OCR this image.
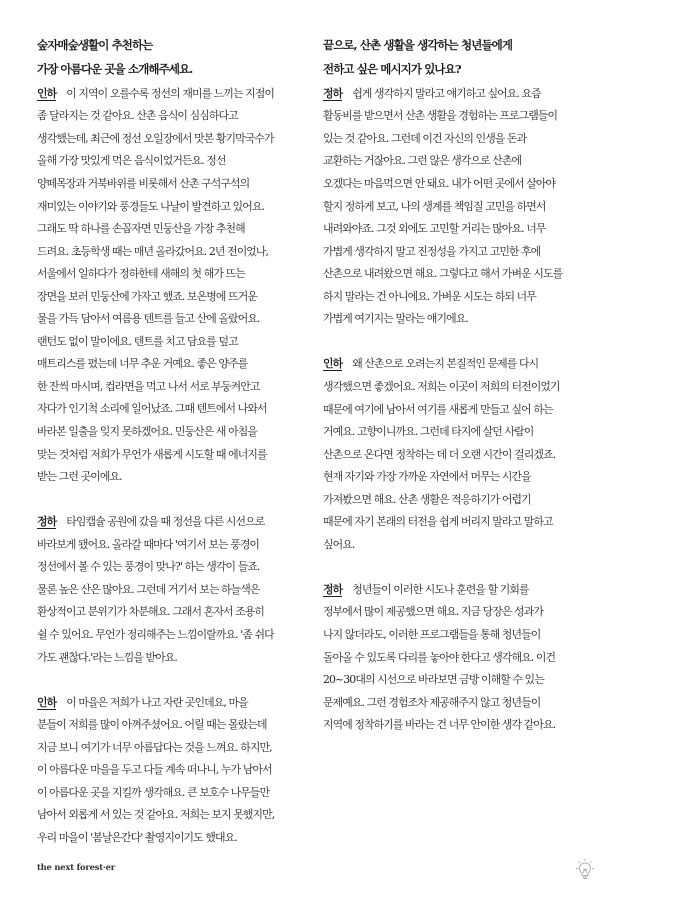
숲자매숲생활이 추천하는
가장 아름다운 곳을 소개해주세요.
인하 이 지역이 오를수록 정선의 재미를 느끼는 지점이
좀 달라지는 것 같아요. 산촌 음식이 심심하다고
생각했는데, 최근에 정선 오일장에서 맛본 황기막국수가
올해 가장 맛있게 먹은 음식이었거든요. 정선
양떼목장과 거북바위를 비롯해서 산촌 구석구석의
재미있는 이야기와 풍경들도 나날이 발견하고 있어요.
그래도 딱 하나를 손꼽자면 민둥산을 가장 추천해
드려요. 초등학생 때는 매년 올라갔어요. 2년 전이었나,
서울에서 일하다가 정하한테 새해의 첫 해가 뜨는
장면을 보러 민둥산에 가자고 했죠. 보온병에 뜨거운
물을 가득 담아서 여름용 텐트를 들고 산에 올랐어요.
랜턴도 없이 말이에요. 텐트를 치고 담요를 덮고
매트리스를 폈는데 너무 추운 거예요. 좋은 양주를
한 잔씩 마시며, 컵라면을 먹고 나서 서로 부둥켜안고
자다가 인기척 소리에 일어났죠. 그때 텐트에서 나와서
바라본 일출을 잊지 못하겠어요. 민둥산은 새 아침을
맞는 것처럼 저희가 무언가 새롭게 시도할 때 에너지를
받는 그런 곳이에요.
정하 타임캡슐 공원에 갔을 때 정선을 다른 시선으로
바라보게 됐어요. 올라갈 때마다 '여기서 보는 풍경이
정선에서 볼 수 있는 풍경이 맞나?' 하는 생각이 들죠.
물론 높은 산은 많아요. 그런데 거기서 보는 하늘색은
환상적이고 분위기가 차분해요. 그래서 혼자서 조용히
쉴 수 있어요. 무언가 정리해주는 느낌이랄까요. '좀 쉬다
가도 괜찮다.'라는 느낌을 받아요.
인하 이 마을은 저희가 나고 자란 곳인데요, 마을
분들이 저희를 많이 아껴주셨어요. 어릴 때는 몰랐는데
지금 보니 여기가 너무 아름답다는 것을 느껴요. 하지만,
이 아름다운 마을을 두고 다들 계속 떠나니, 누가 남아서
이 아름다운 곳을 지킬까 생각해요. 큰 보호수 나무들만
남아서 외롭게 서 있는 것 같아요. 저희는 보지 못했지만,
우리 마을이 '봄날은간다' 촬영지이기도 했대요.
끝으로, 산촌 생활을 생각하는 청년들에게
전하고 싶은 메시지가 있나요?
정하 쉽게 생각하지 말라고 얘기하고 싶어요. 요즘
활동비를 받으면서 산촌 생활을 경험하는 프로그램들이
있는 것 같아요. 그런데 이건 자신의 인생을 돈과
교환하는 거잖아요. 그런 않은 생각으로 산촌에
오겠다는 마음먹으면 안 돼요. 내가 어떤 곳에서 살아야
할지 정하게 보고, 나의 생계를 책임질 고민을 하면서
내려와야죠. 그것 외에도 고민할 거리는 많아요. 너무
가볍게 생각하지 말고 진정성을 가지고 고민한 후에
산촌으로 내려왔으면 해요. 그렇다고 해서 가벼운 시도를
하지 말라는 건 아니에요. 가벼운 시도는 하되 너무
가볍게 여기지는 말라는 얘기에요.
인하 왜 산촌으로 오려는지 본질적인 문제를 다시
생각했으면 좋겠어요. 저희는 이곳이 저희의 터전이었기
때문에 여기에 남아서 여기를 새롭게 만들고 싶어 하는
거예요. 고향이니까요. 그런데 타지에 살던 사람이
산촌으로 온다면 정착하는 데 더 오랜 시간이 걸리겠죠.
현재 자기와 가장 가까운 자연에서 머무는 시간을
가져봤으면 해요. 산촌 생활은 적응하기가 어렵기
때문에 자기 본래의 터전을 쉽게 버리지 말라고 말하고
싶어요.
정하 청년들이 이러한 시도나 훈련을 할 기회를
정부에서 많이 제공했으면 해요. 지금 당장은 성과가
나지 않더라도, 이러한 프로그램들을 통해 청년들이
돌아올 수 있도록 다리를 놓아야 한다고 생각해요. 이건
20~30대의 시선으로 바라보면 금방 이해할 수 있는
문제예요. 그런 경험조차 제공해주지 않고 청년들이
지역에 정착하기를 바라는 건 너무 안이한 생각 같아요.
the next forest·er
